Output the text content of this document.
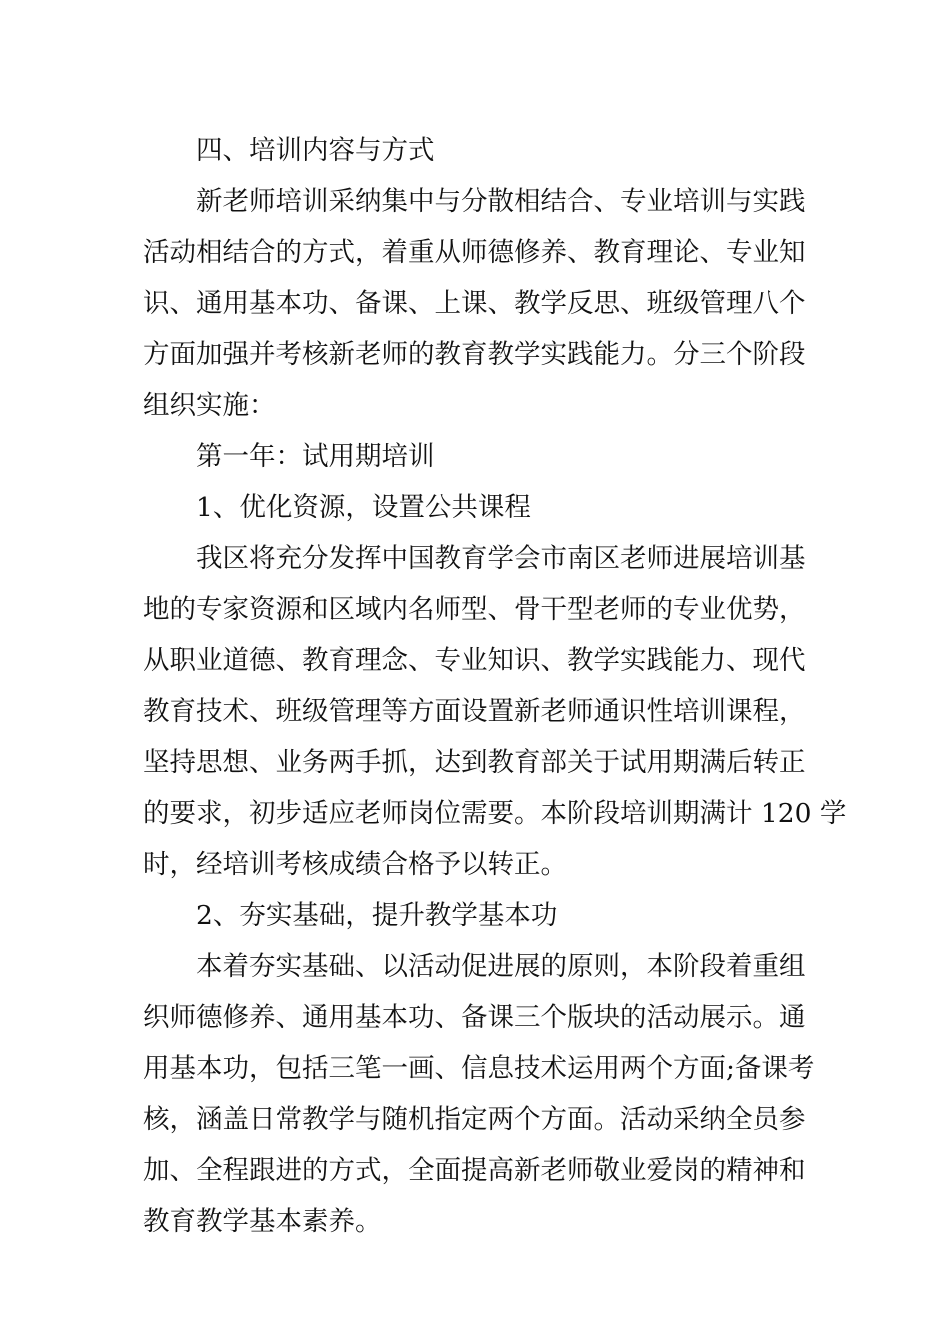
四、培训内容与方式
新老师培训采纳集中与分散相结合、专业培训与实践
活动相结合的方式，着重从师德修养、教育理论、专业知
识、通用基本功、备课、上课、教学反思、班级管理八个
方面加强并考核新老师的教育教学实践能力。分三个阶段
组织实施：
第一年：试用期培训
1、优化资源，设置公共课程
我区将充分发挥中国教育学会市南区老师进展培训基
地的专家资源和区域内名师型、骨干型老师的专业优势，
从职业道德、教育理念、专业知识、教学实践能力、现代
教育技术、班级管理等方面设置新老师通识性培训课程，
坚持思想、业务两手抓，达到教育部关于试用期满后转正
的要求，初步适应老师岗位需要。本阶段培训期满计 120 学
时，经培训考核成绩合格予以转正。
2、夯实基础，提升教学基本功
本着夯实基础、以活动促进展的原则，本阶段着重组
织师德修养、通用基本功、备课三个版块的活动展示。通
用基本功，包括三笔一画、信息技术运用两个方面;备课考
核，涵盖日常教学与随机指定两个方面。活动采纳全员参
加、全程跟进的方式，全面提高新老师敬业爱岗的精神和
教育教学基本素养。
